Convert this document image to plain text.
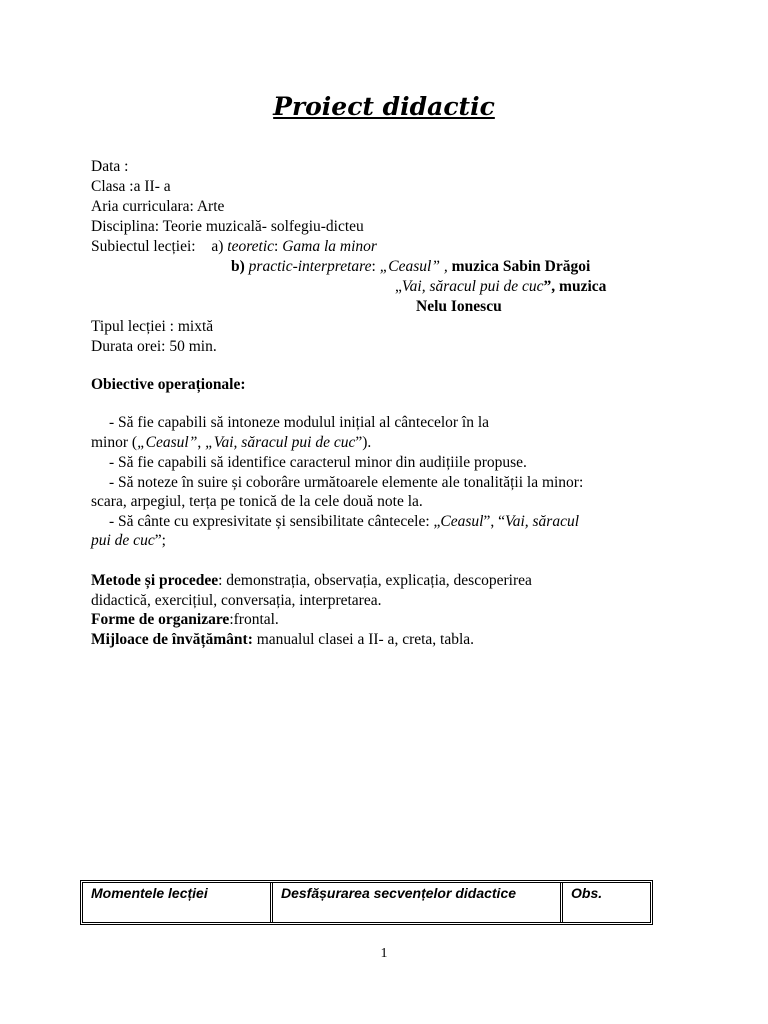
Proiect didactic
Data :
Clasa :a II- a
Aria curriculara: Arte
Disciplina: Teorie muzicală- solfegiu-dicteu
Subiectul lecției: a) teoretic: Gama la minor
b) practic-interpretare: „Ceasul” , muzica Sabin Drăgoi
„Vai, săracul pui de cuc”, muzica
Nelu Ionescu
Tipul lecției : mixtă
Durata orei: 50 min.
Obiective operaționale:
- Să fie capabili să intoneze modulul inițial al cântecelor în la
minor („Ceasul”, „Vai, săracul pui de cuc”).
- Să fie capabili să identifice caracterul minor din audițiile propuse.
- Să noteze în suire și coborâre următoarele elemente ale tonalității la minor:
scara, arpegiul, terța pe tonică de la cele două note la.
- Să cânte cu expresivitate și sensibilitate cântecele: „Ceasul”, “Vai, săracul
pui de cuc”;
Metode și procedee: demonstrația, observația, explicația, descoperirea
didactică, exercițiul, conversația, interpretarea.
Forme de organizare:frontal.
Mijloace de învățământ: manualul clasei a II- a, creta, tabla.
Momentele lecției	Desfășurarea secvențelor didactice	Obs.
1
